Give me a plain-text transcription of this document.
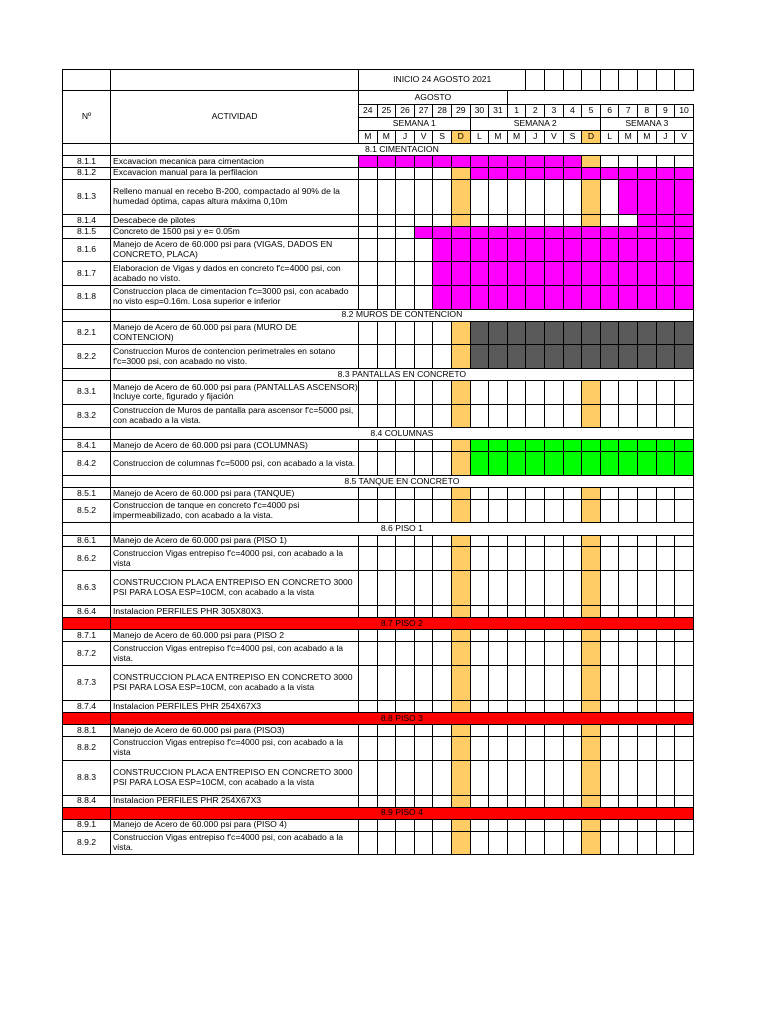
		INICIO 24 AGOSTO 2021																	
Nº	ACTIVIDAD	AGOSTO																	
		24	25	26	27	28	29	30	31	1	2	3	4	5	6	7	8	9	10
		SEMANA 1						SEMANA 2							SEMANA 3				
		M	M	J	V	S	D	L	M	M	J	V	S	D	L	M	M	J	V
	8.1 CIMENTACION																		
8.1.1	Excavacion mecanica para cimentacion																		
8.1.2	Excavacion manual para la perfilacion																		
8.1.3	Relleno manual en recebo B-200, compactado al 90% de la humedad óptima, capas altura máxima 0,10m																		
8.1.4	Descabece de pilotes																		
8.1.5	Concreto de 1500 psi y e= 0.05m																		
8.1.6	Manejo de Acero de 60.000 psi para (VIGAS, DADOS EN CONCRETO, PLACA)																		
8.1.7	Elaboracion de Vigas y dados en concreto f'c=4000 psi, con acabado no visto.																		
8.1.8	Construccion placa de cimentacion f'c=3000 psi, con acabado no visto esp=0.16m. Losa superior e inferior																		
	8.2 MUROS DE CONTENCION																		
8.2.1	Manejo de Acero de 60.000 psi para (MURO DE CONTENCION)																		
8.2.2	Construccion Muros de contencion perimetrales en sotano f'c=3000 psi, con acabado no visto.																		
	8.3 PANTALLAS EN CONCRETO																		
8.3.1	Manejo de Acero de 60.000 psi para (PANTALLAS ASCENSOR) Incluye corte, figurado y fijación																		
8.3.2	Construccion de Muros de pantalla para ascensor f'c=5000 psi, con acabado a la vista.																		
	8.4 COLUMNAS																		
8.4.1	Manejo de Acero de 60.000 psi para (COLUMNAS)																		
8.4.2	Construccion de columnas f'c=5000 psi, con acabado a la vista.																		
	8.5 TANQUE EN CONCRETO																		
8.5.1	Manejo de Acero de 60.000 psi para (TANQUE)																		
8.5.2	Construccion de tanque en concreto f'c=4000 psi impermeabilizado, con acabado a la vista.																		
	8.6 PISO 1																		
8.6.1	Manejo de Acero de 60.000 psi para (PISO 1)																		
8.6.2	Construccion Vigas entrepiso f'c=4000 psi, con acabado a la vista																		
8.6.3	CONSTRUCCION PLACA ENTREPISO EN CONCRETO 3000 PSI PARA LOSA ESP=10CM, con acabado a la vista																		
8.6.4	Instalacion PERFILES PHR 305X80X3.																		
	8.7 PISO 2																		
8.7.1	Manejo de Acero de 60.000 psi para (PISO 2																		
8.7.2	Construccion Vigas entrepiso f'c=4000 psi, con acabado a la vista.																		
8.7.3	CONSTRUCCION PLACA ENTREPISO EN CONCRETO 3000 PSI PARA LOSA ESP=10CM, con acabado a la vista																		
8.7.4	Instalacion PERFILES PHR 254X67X3																		
	8.8 PISO 3																		
8.8.1	Manejo de Acero de 60.000 psi para (PISO3)																		
8.8.2	Construccion Vigas entrepiso f'c=4000 psi, con acabado a la vista																		
8.8.3	CONSTRUCCION PLACA ENTREPISO EN CONCRETO 3000 PSI PARA LOSA ESP=10CM, con acabado a la vista																		
8.8.4	Instalacion PERFILES PHR 254X67X3																		
	8.9 PISO 4																		
8.9.1	Manejo de Acero de 60.000 psi para (PISO 4)																		
8.9.2	Construccion Vigas entrepiso f'c=4000 psi, con acabado a la vista.																		
